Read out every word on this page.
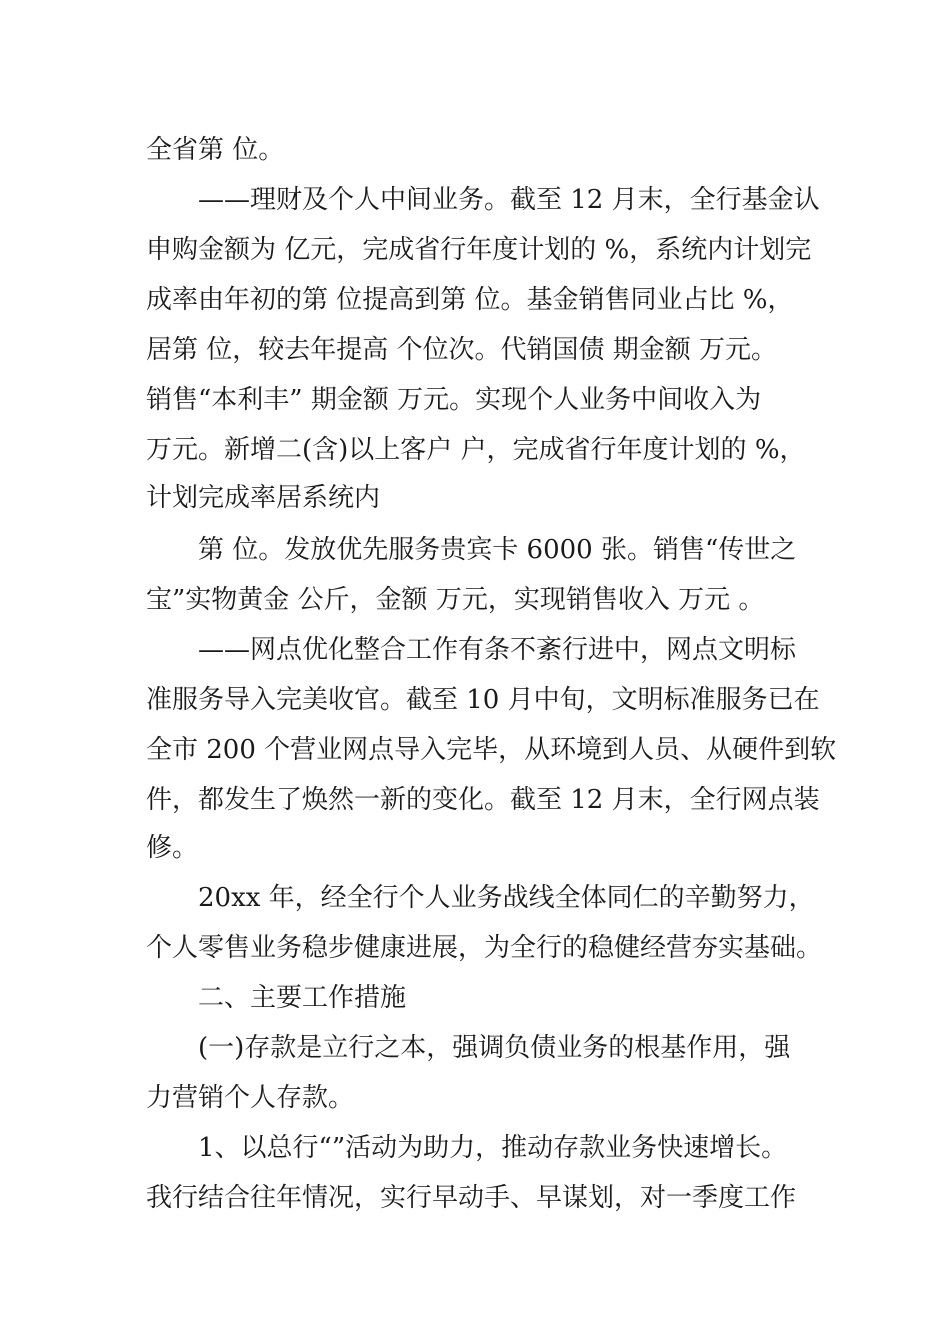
全省第 位。
——理财及个人中间业务。截至 12 月末，全行基金认
申购金额为 亿元，完成省行年度计划的 %，系统内计划完
成率由年初的第 位提高到第 位。基金销售同业占比 %，
居第 位，较去年提高 个位次。代销国债 期金额 万元。
销售“本利丰” 期金额 万元。实现个人业务中间收入为
万元。新增二(含)以上客户 户，完成省行年度计划的 %，
计划完成率居系统内
第 位。发放优先服务贵宾卡 6000 张。销售“传世之
宝”实物黄金 公斤，金额 万元，实现销售收入 万元 。
——网点优化整合工作有条不紊行进中，网点文明标
准服务导入完美收官。截至 10 月中旬，文明标准服务已在
全市 200 个营业网点导入完毕，从环境到人员、从硬件到软
件，都发生了焕然一新的变化。截至 12 月末，全行网点装
修。
20xx 年，经全行个人业务战线全体同仁的辛勤努力，
个人零售业务稳步健康进展，为全行的稳健经营夯实基础。
二、主要工作措施
(一)存款是立行之本，强调负债业务的根基作用，强
力营销个人存款。
1、以总行“”活动为助力，推动存款业务快速增长。
我行结合往年情况，实行早动手、早谋划，对一季度工作
